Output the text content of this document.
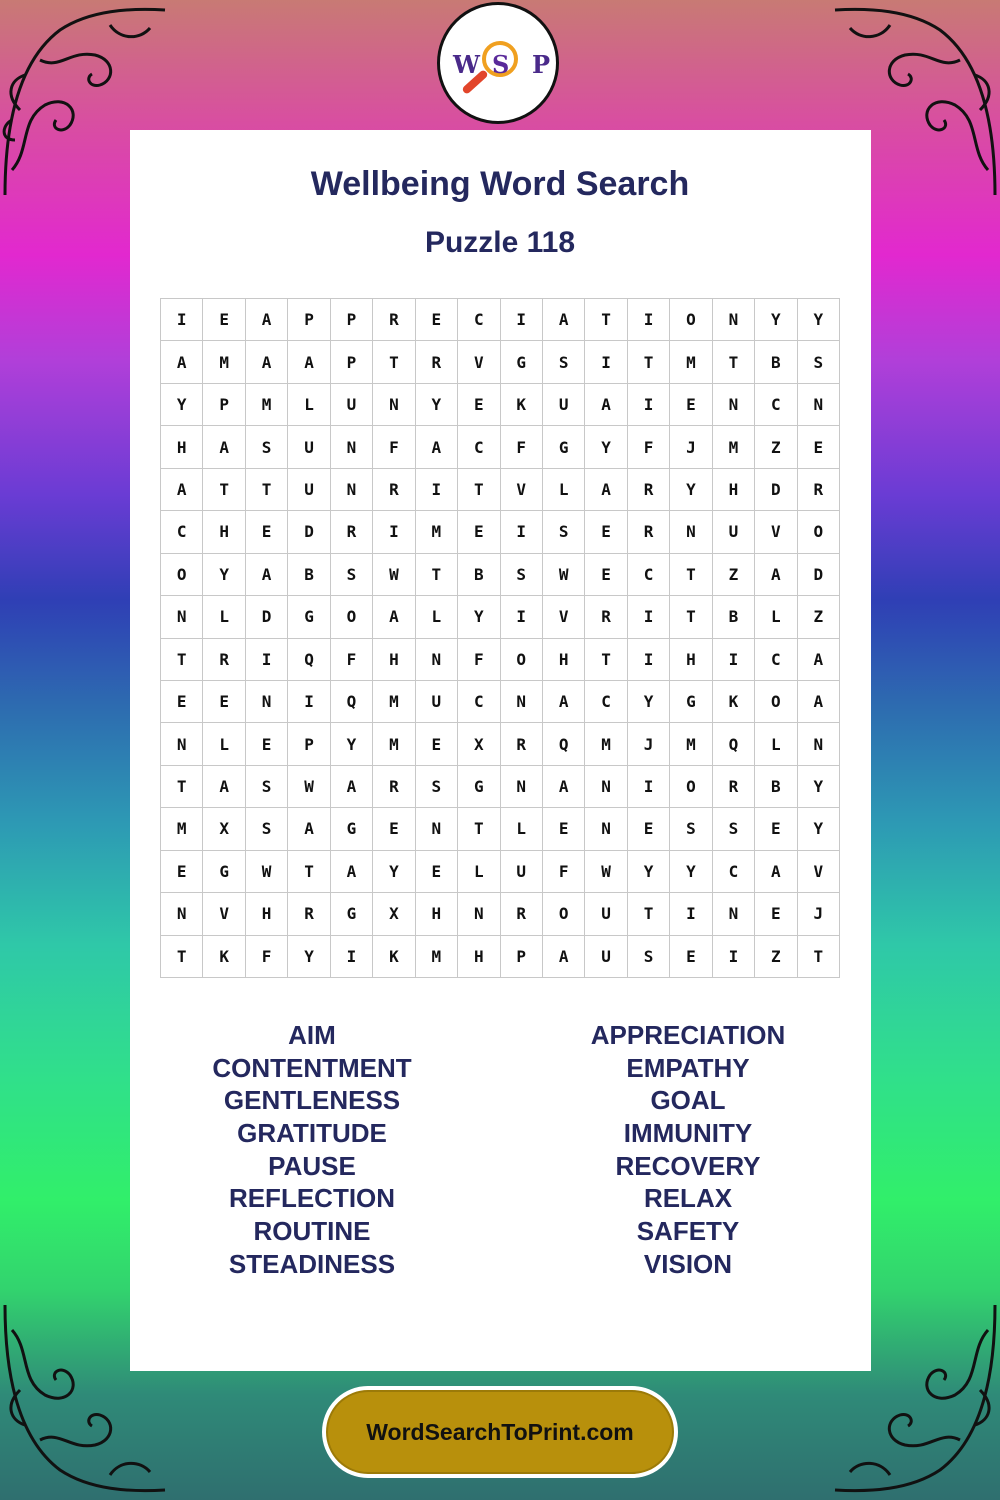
W S P
Wellbeing Word Search
Puzzle 118
I	E	A	P	P	R	E	C	I	A	T	I	O	N	Y	Y
A	M	A	A	P	T	R	V	G	S	I	T	M	T	B	S
Y	P	M	L	U	N	Y	E	K	U	A	I	E	N	C	N
H	A	S	U	N	F	A	C	F	G	Y	F	J	M	Z	E
A	T	T	U	N	R	I	T	V	L	A	R	Y	H	D	R
C	H	E	D	R	I	M	E	I	S	E	R	N	U	V	O
O	Y	A	B	S	W	T	B	S	W	E	C	T	Z	A	D
N	L	D	G	O	A	L	Y	I	V	R	I	T	B	L	Z
T	R	I	Q	F	H	N	F	O	H	T	I	H	I	C	A
E	E	N	I	Q	M	U	C	N	A	C	Y	G	K	O	A
N	L	E	P	Y	M	E	X	R	Q	M	J	M	Q	L	N
T	A	S	W	A	R	S	G	N	A	N	I	O	R	B	Y
M	X	S	A	G	E	N	T	L	E	N	E	S	S	E	Y
E	G	W	T	A	Y	E	L	U	F	W	Y	Y	C	A	V
N	V	H	R	G	X	H	N	R	O	U	T	I	N	E	J
T	K	F	Y	I	K	M	H	P	A	U	S	E	I	Z	T
AIM
CONTENTMENT
GENTLENESS
GRATITUDE
PAUSE
REFLECTION
ROUTINE
STEADINESS
APPRECIATION
EMPATHY
GOAL
IMMUNITY
RECOVERY
RELAX
SAFETY
VISION
WordSearchToPrint.com
